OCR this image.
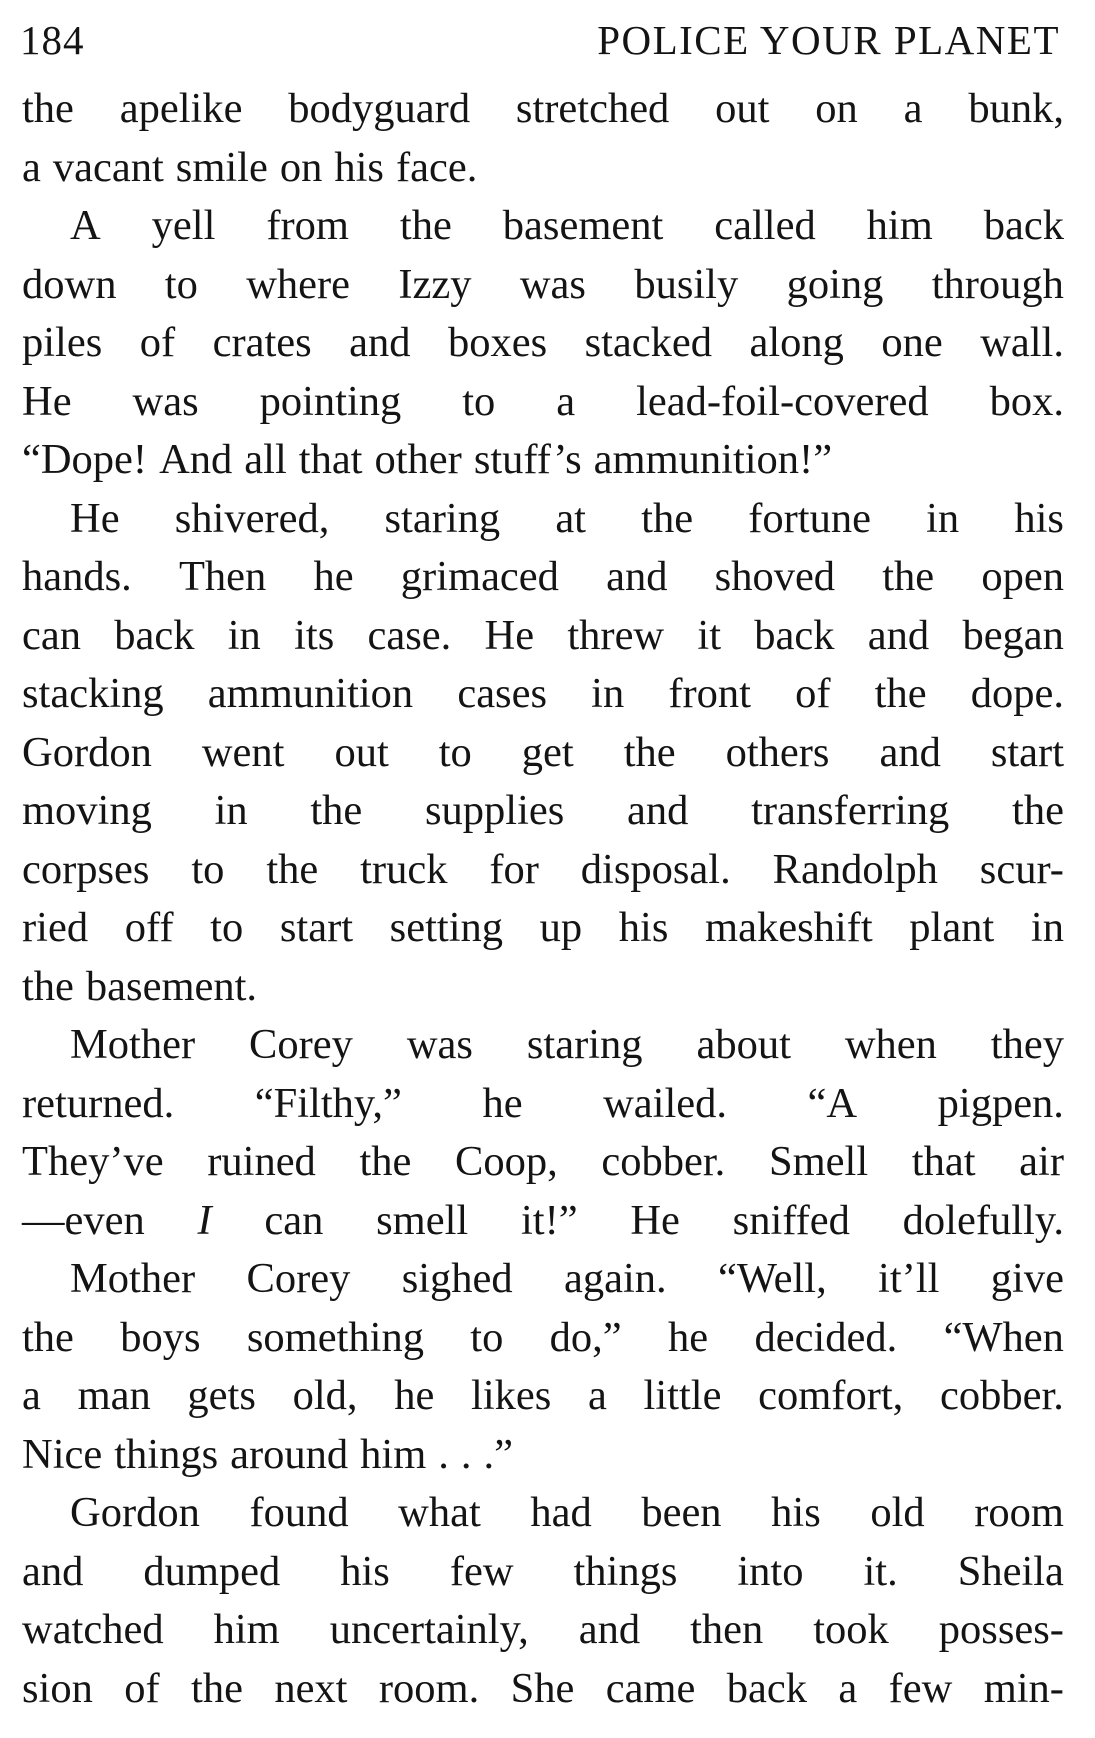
184	POLICE YOUR PLANET
the apelike bodyguard stretched out on a bunk,
a vacant smile on his face.
A yell from the basement called him back
down to where Izzy was busily going through
piles of crates and boxes stacked along one wall.
He was pointing to a lead-foil-covered box.
“Dope! And all that other stuff’s ammunition!”
He shivered, staring at the fortune in his
hands. Then he grimaced and shoved the open
can back in its case. He threw it back and began
stacking ammunition cases in front of the dope.
Gordon went out to get the others and start
moving in the supplies and transferring the
corpses to the truck for disposal. Randolph scur-
ried off to start setting up his makeshift plant in
the basement.
Mother Corey was staring about when they
returned. “Filthy,” he wailed. “A pigpen.
They’ve ruined the Coop, cobber. Smell that air
—even I can smell it!” He sniffed dolefully.
Mother Corey sighed again. “Well, it’ll give
the boys something to do,” he decided. “When
a man gets old, he likes a little comfort, cobber.
Nice things around him . . .”
Gordon found what had been his old room
and dumped his few things into it. Sheila
watched him uncertainly, and then took posses-
sion of the next room. She came back a few min-
